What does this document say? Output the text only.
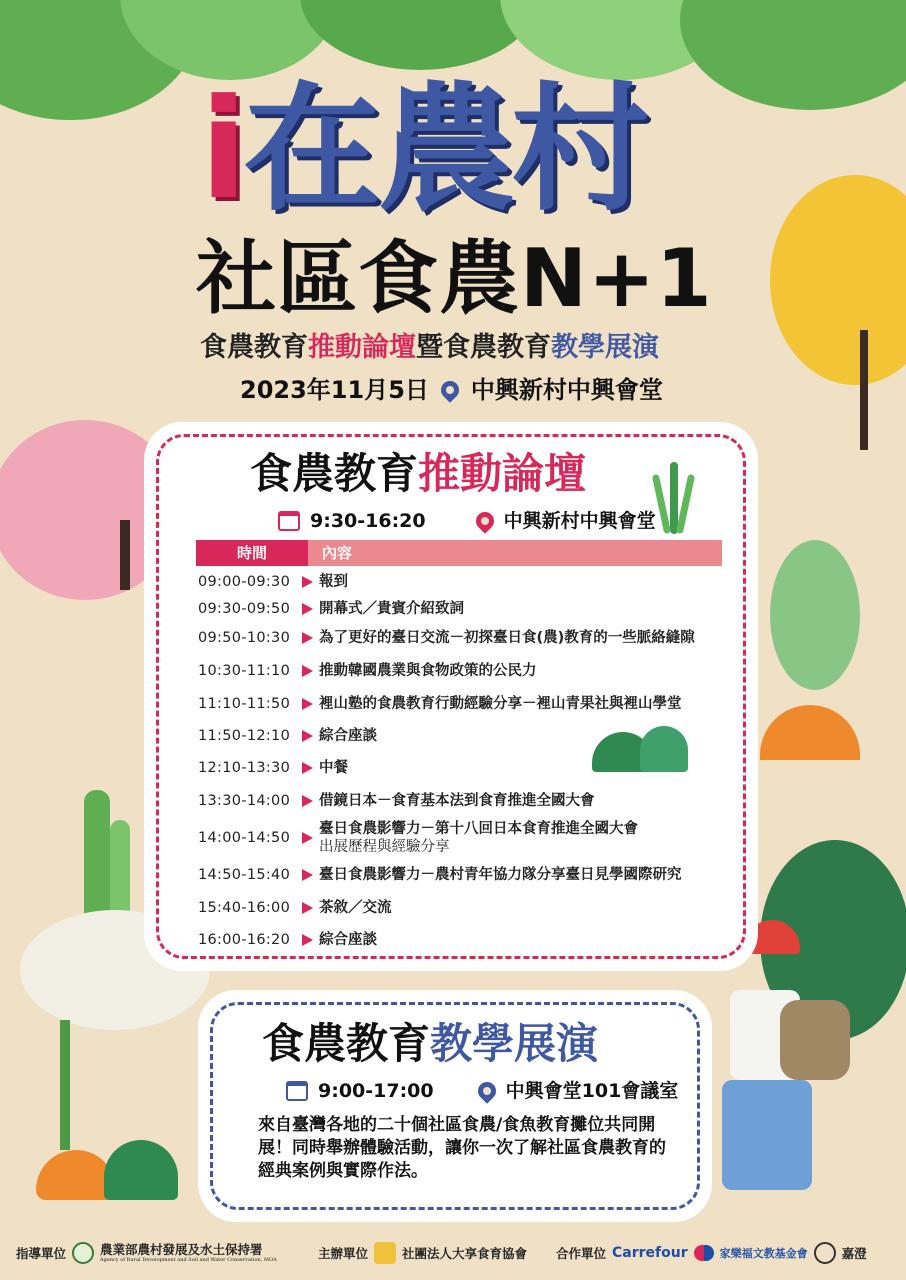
i在農村
社區食農N+1
食農教育推動論壇暨食農教育教學展演
2023年11月5日 中興新村中興會堂
食農教育推動論壇
9:30-16:20	中興新村中興會堂
時間	內容
09:00-09:30	報到
09:30-09:50	開幕式／貴賓介紹致詞
09:50-10:30	為了更好的臺日交流－初探臺日食(農)教育的一些脈絡縫隙
10:30-11:10	推動韓國農業與食物政策的公民力
11:10-11:50	裡山塾的食農教育行動經驗分享－裡山青果社與裡山學堂
11:50-12:10	綜合座談
12:10-13:30	中餐
13:30-14:00	借鏡日本－食育基本法到食育推進全國大會
14:00-14:50
臺日食農影響力－第十八回日本食育推進全國大會
出展歷程與經驗分享
14:50-15:40	臺日食農影響力－農村青年協力隊分享臺日見學國際研究
15:40-16:00	茶敘／交流
16:00-16:20	綜合座談
食農教育教學展演
9:00-17:00	中興會堂101會議室
來自臺灣各地的二十個社區食農/食魚教育攤位共同開展！同時舉辦體驗活動，讓你一次了解社區食農教育的經典案例與實際作法。
指導單位	農業部農村發展及水土保持署
Agency of Rural Development and Soil and Water Conservation, MOA	主辦單位	社團法人大享食育協會 合作單位 Carrefour	家樂福文教基金會	嘉澄
